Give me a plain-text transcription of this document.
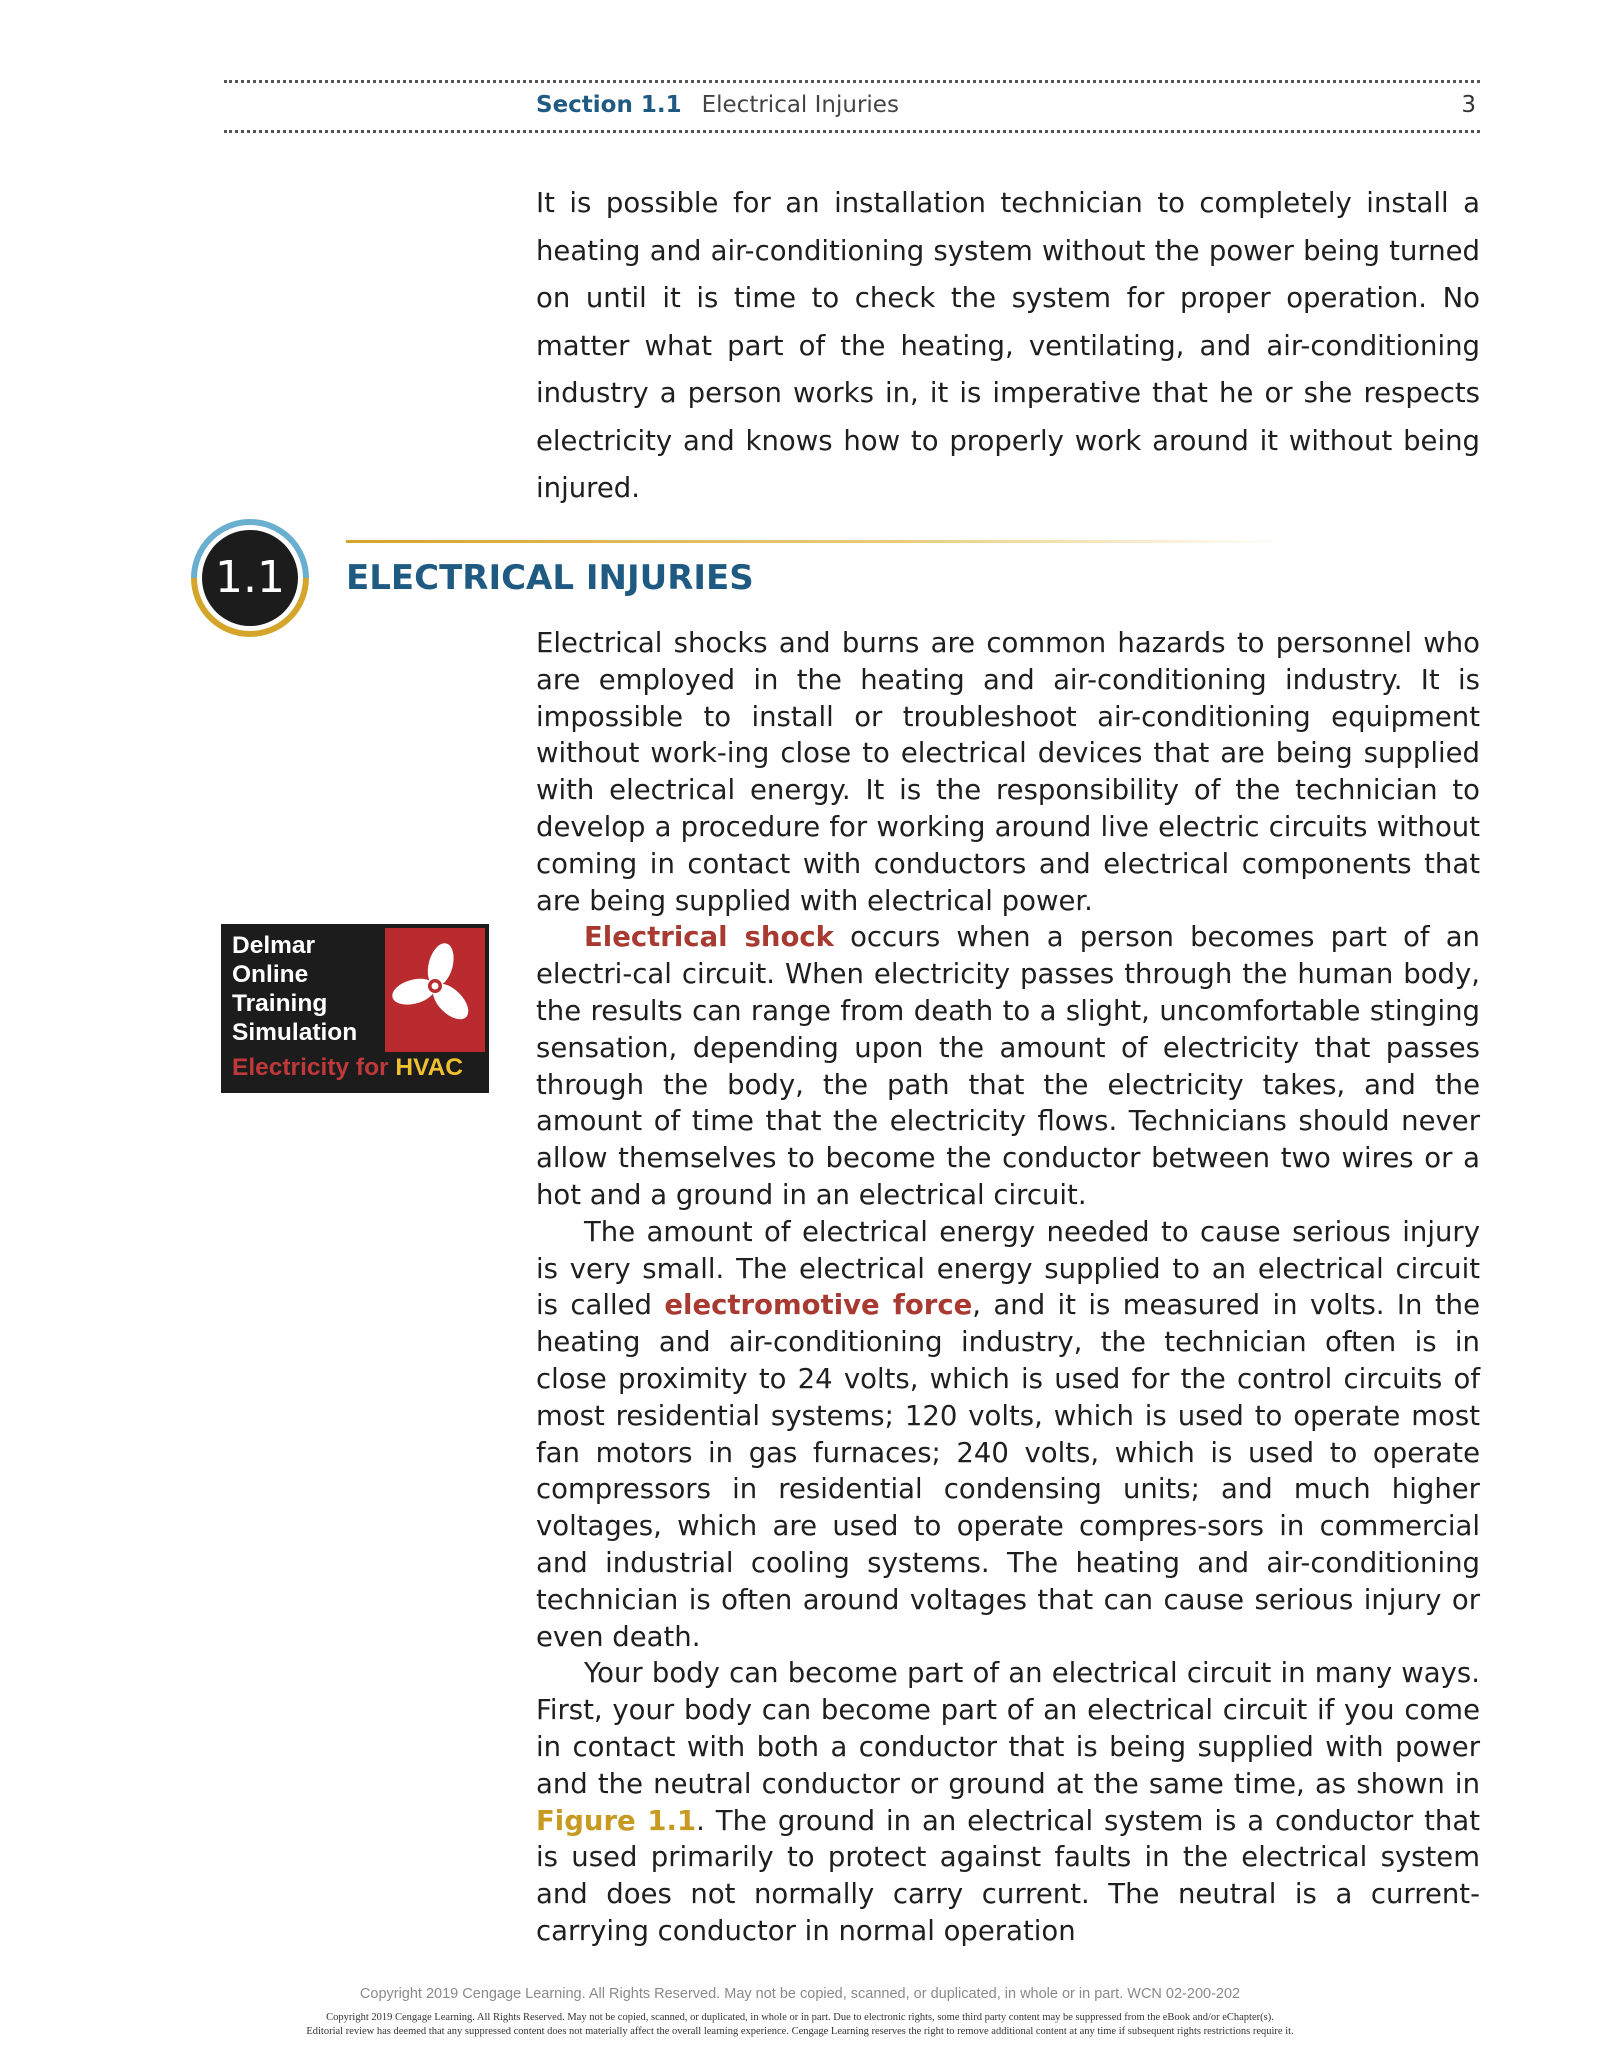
Section 1.1 Electrical Injuries	3

It is possible for an installation technician to completely install a heating and air-conditioning system without the power being turned on until it is time to check the system for proper operation. No matter what part of the heating, ventilating, and air-conditioning industry a person works in, it is imperative that he or she respects electricity and knows how to properly work around it without being injured.

1.1	ELECTRICAL INJURIES
Delmar
Online
Training
Simulation
Electricity for HVAC

Electrical shocks and burns are common hazards to personnel who are employed in the heating and air-conditioning industry. It is impossible to install or troubleshoot air-conditioning equipment without work-ing close to electrical devices that are being supplied with electrical energy. It is the responsibility of the technician to develop a procedure for working around live electric circuits without coming in contact with conductors and electrical components that are being supplied with electrical power.

Electrical shock occurs when a person becomes part of an electri-cal circuit. When electricity passes through the human body, the results can range from death to a slight, uncomfortable stinging sensation, depending upon the amount of electricity that passes through the body, the path that the electricity takes, and the amount of time that the electricity flows. Technicians should never allow themselves to become the conductor between two wires or a hot and a ground in an electrical circuit.

The amount of electrical energy needed to cause serious injury is very small. The electrical energy supplied to an electrical circuit is called electromotive force, and it is measured in volts. In the heating and air-conditioning industry, the technician often is in close proximity to 24 volts, which is used for the control circuits of most residential systems; 120 volts, which is used to operate most fan motors in gas furnaces; 240 volts, which is used to operate compressors in residential condensing units; and much higher voltages, which are used to operate compres-sors in commercial and industrial cooling systems. The heating and air-conditioning technician is often around voltages that can cause serious injury or even death.

Your body can become part of an electrical circuit in many ways. First, your body can become part of an electrical circuit if you come in contact with both a conductor that is being supplied with power and the neutral conductor or ground at the same time, as shown in Figure 1.1. The ground in an electrical system is a conductor that is used primarily to protect against faults in the electrical system and does not normally carry current. The neutral is a current-carrying conductor in normal operation

Copyright 2019 Cengage Learning. All Rights Reserved. May not be copied, scanned, or duplicated, in whole or in part. WCN 02-200-202
Copyright 2019 Cengage Learning. All Rights Reserved. May not be copied, scanned, or duplicated, in whole or in part. Due to electronic rights, some third party content may be suppressed from the eBook and/or eChapter(s).
Editorial review has deemed that any suppressed content does not materially affect the overall learning experience. Cengage Learning reserves the right to remove additional content at any time if subsequent rights restrictions require it.
